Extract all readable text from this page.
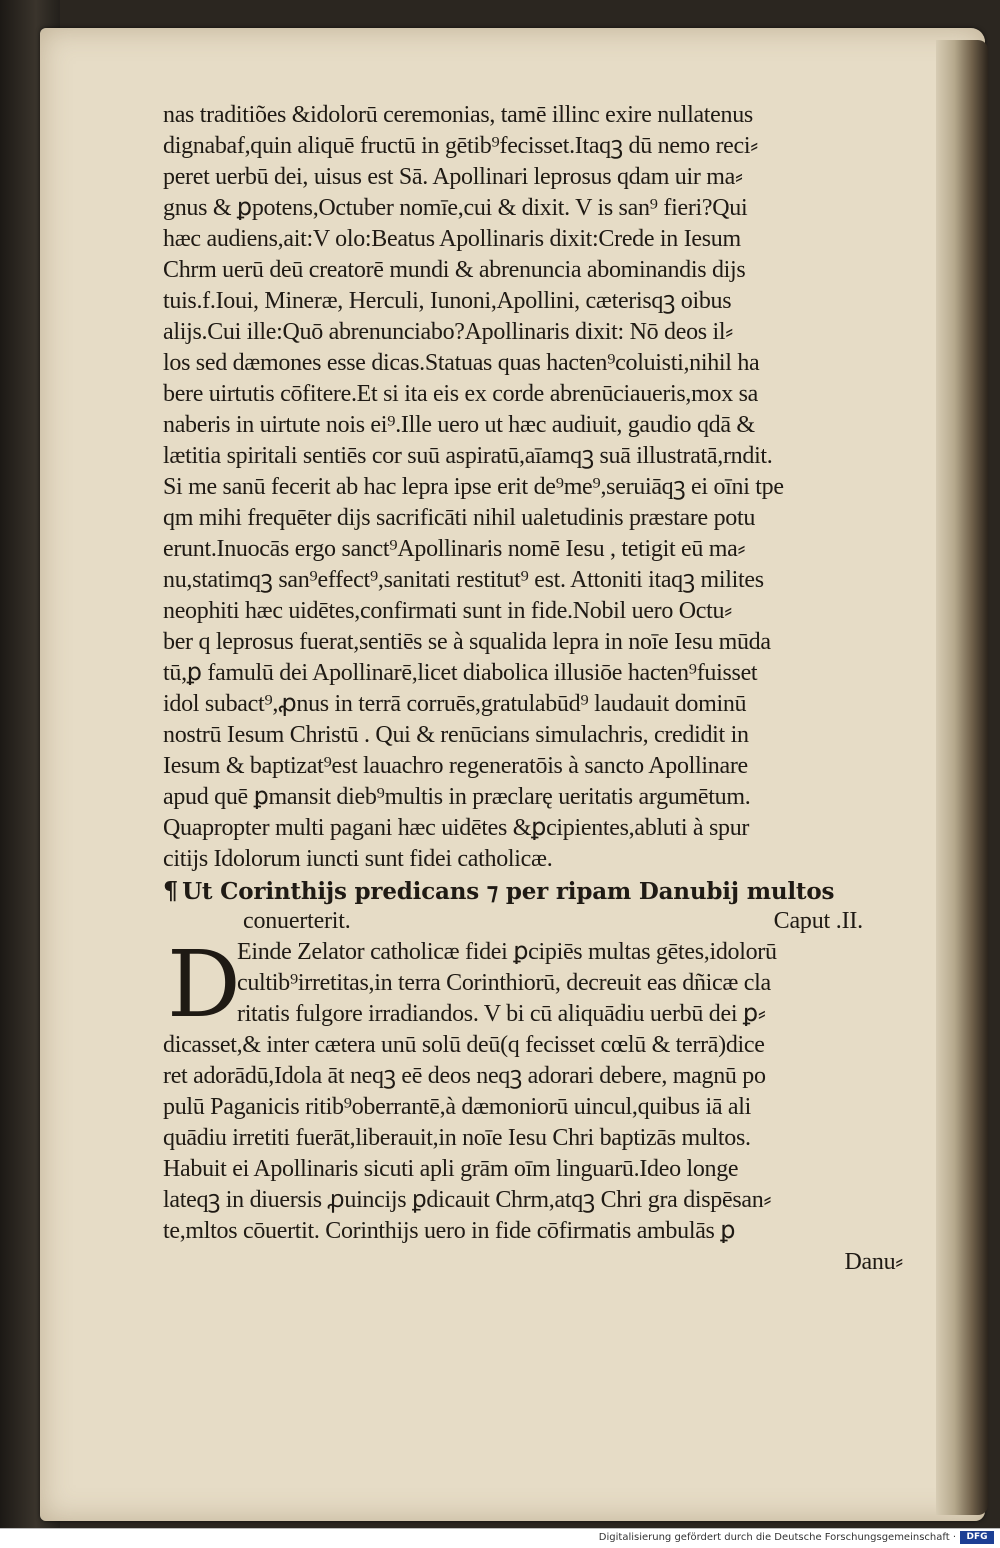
nas traditiões &idolorū ceremonias, tamē illinc exire nullatenus
dignabaf,quin aliquē fructū in gētib⁹fecisset.Itaqꝫ dū nemo reci⸗
peret uerbū dei, uisus est Sā. Apollinari leprosus qdam uir ma⸗
gnus & ꝑpotens,Octuber nomīe,cui & dixit. V is san⁹ fieri?Qui
hæc audiens,ait:V olo:Beatus Apollinaris dixit:Crede in Iesum
Chrm uerū deū creatorē mundi & abrenuncia abominandis dijs
tuis.f.Ioui, Mineræ, Herculi, Iunoni,Apollini, cæterisqꝫ oibus
alijs.Cui ille:Quō abrenunciabo?Apollinaris dixit: Nō deos il⸗
los sed dæmones esse dicas.Statuas quas hacten⁹coluisti,nihil ha
bere uirtutis cōfitere.Et si ita eis ex corde abrenūciaueris,mox sa
naberis in uirtute nois ei⁹.Ille uero ut hæc audiuit, gaudio qdā &
lætitia spiritali sentiēs cor suū aspiratū,aīamqꝫ suā illustratā,rndit.
Si me sanū fecerit ab hac lepra ipse erit de⁹me⁹,seruiāqꝫ ei oīni tpe
qm mihi frequēter dijs sacrificāti nihil ualetudinis præstare potu
erunt.Inuocās ergo sanct⁹Apollinaris nomē Iesu , tetigit eū ma⸗
nu,statimqꝫ san⁹effect⁹,sanitati restitut⁹ est. Attoniti itaqꝫ milites
neophiti hæc uidētes,confirmati sunt in fide.Nobil uero Octu⸗
ber q leprosus fuerat,sentiēs se à squalida lepra in noīe Iesu mūda
tū,ꝑ famulū dei Apollinarē,licet diabolica illusiōe hacten⁹fuisset
idol subact⁹,ꝓnus in terrā corruēs,gratulabūd⁹ laudauit dominū
nostrū Iesum Christū . Qui & renūcians simulachris, credidit in
Iesum & baptizat⁹est lauachro regeneratōis à sancto Apollinare
apud quē ꝑmansit dieb⁹multis in præclarę ueritatis argumētum.
Quapropter multi pagani hæc uidētes &ꝑcipientes,abluti à spur
citijs Idolorum iuncti sunt fidei catholicæ.
¶ Ut Corinthijs predicans ⁊ per ripam Danubij multos
conuerterit.	Caput .II.
D
Einde Zelator catholicæ fidei ꝑcipiēs multas gētes,idolorū
cultib⁹irretitas,in terra Corinthiorū, decreuit eas dñicæ cla
ritatis fulgore irradiandos. V bi cū aliquādiu uerbū dei ꝑ⸗
dicasset,& inter cætera unū solū deū(q fecisset cœlū & terrā)dice
ret adorādū,Idola āt neqꝫ eē deos neqꝫ adorari debere, magnū po
pulū Paganicis ritib⁹oberrantē,à dæmoniorū uincul,quibus iā ali
quādiu irretiti fuerāt,liberauit,in noīe Iesu Chri baptizās multos.
Habuit ei Apollinaris sicuti apli grām oīm linguarū.Ideo longe
lateqꝫ in diuersis ꝓuincijs ꝑdicauit Chrm,atqꝫ Chri gra dispēsan⸗
te,mltos cōuertit. Corinthijs uero in fide cōfirmatis ambulās ꝑ
Danu⸗
Digitalisierung gefördert durch die Deutsche Forschungsgemeinschaft ·	DFG
